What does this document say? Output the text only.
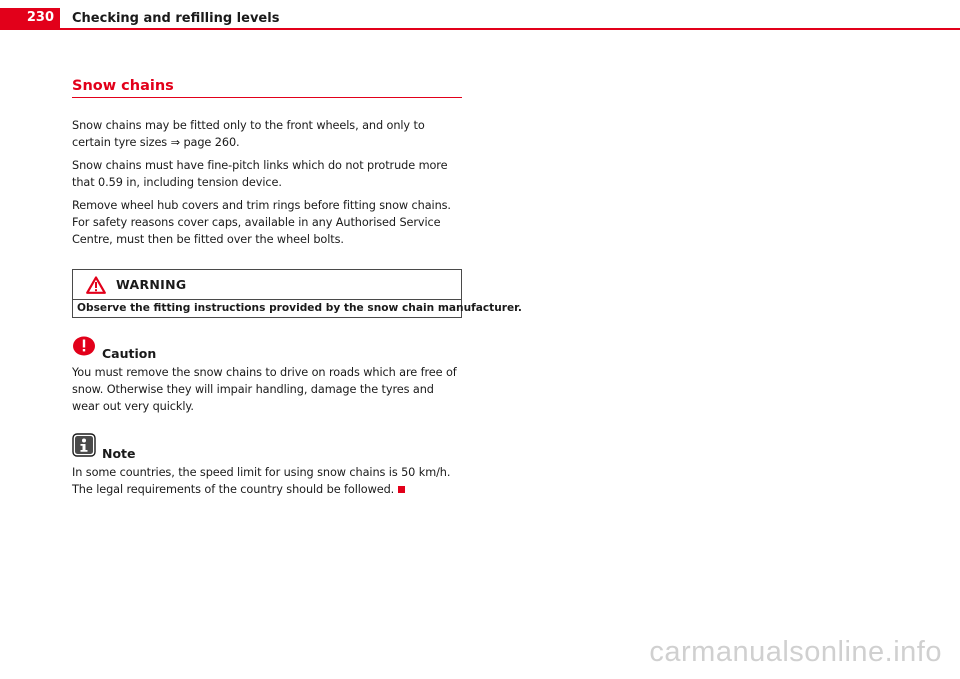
230	Checking and refilling levels
Snow chains

Snow chains may be fitted only to the front wheels, and only to certain tyre sizes ⇒ page 260.

Snow chains must have fine-pitch links which do not protrude more that 0.59 in, including tension device.

Remove wheel hub covers and trim rings before fitting snow chains. For safety reasons cover caps, available in any Authorised Service Centre, must then be fitted over the wheel bolts.

WARNING
Observe the fitting instructions provided by the snow chain manufacturer.
Caution

You must remove the snow chains to drive on roads which are free of snow. Otherwise they will impair handling, damage the tyres and wear out very quickly.

Note

In some countries, the speed limit for using snow chains is 50 km/h. The legal requirements of the country should be followed.

carmanualsonline.info
